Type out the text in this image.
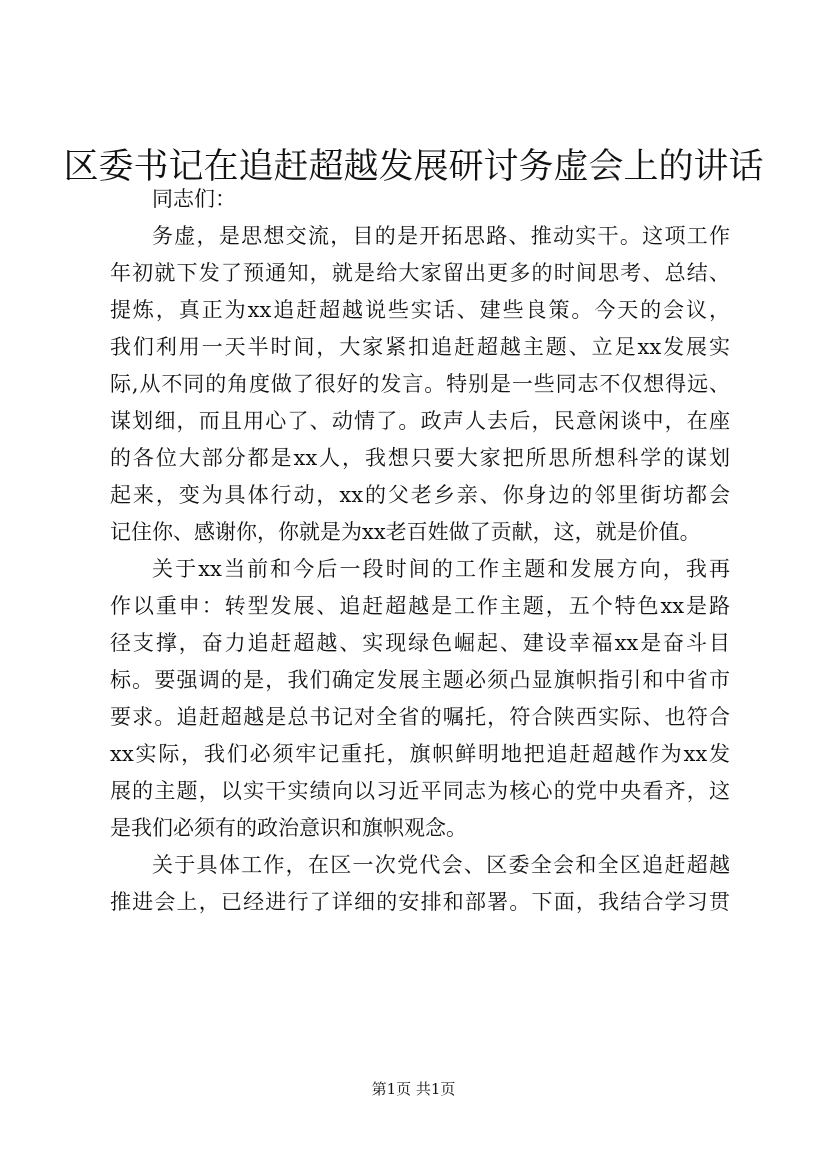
区委书记在追赶超越发展研讨务虚会上的讲话

同志们：

务虚，是思想交流，目的是开拓思路、推动实干。这项工作

年初就下发了预通知，就是给大家留出更多的时间思考、总结、

提炼，真正为xx追赶超越说些实话、建些良策。今天的会议，

我们利用一天半时间，大家紧扣追赶超越主题、立足xx发展实

际,从不同的角度做了很好的发言。特别是一些同志不仅想得远、

谋划细，而且用心了、动情了。政声人去后，民意闲谈中，在座

的各位大部分都是xx人，我想只要大家把所思所想科学的谋划

起来，变为具体行动，xx的父老乡亲、你身边的邻里街坊都会

记住你、感谢你，你就是为xx老百姓做了贡献，这，就是价值。

关于xx当前和今后一段时间的工作主题和发展方向，我再

作以重申：转型发展、追赶超越是工作主题，五个特色xx是路

径支撑，奋力追赶超越、实现绿色崛起、建设幸福xx是奋斗目

标。要强调的是，我们确定发展主题必须凸显旗帜指引和中省市

要求。追赶超越是总书记对全省的嘱托，符合陕西实际、也符合

xx实际，我们必须牢记重托，旗帜鲜明地把追赶超越作为xx发

展的主题，以实干实绩向以习近平同志为核心的党中央看齐，这

是我们必须有的政治意识和旗帜观念。

关于具体工作，在区一次党代会、区委全会和全区追赶超越

推进会上，已经进行了详细的安排和部署。下面，我结合学习贯

第1页 共1页
